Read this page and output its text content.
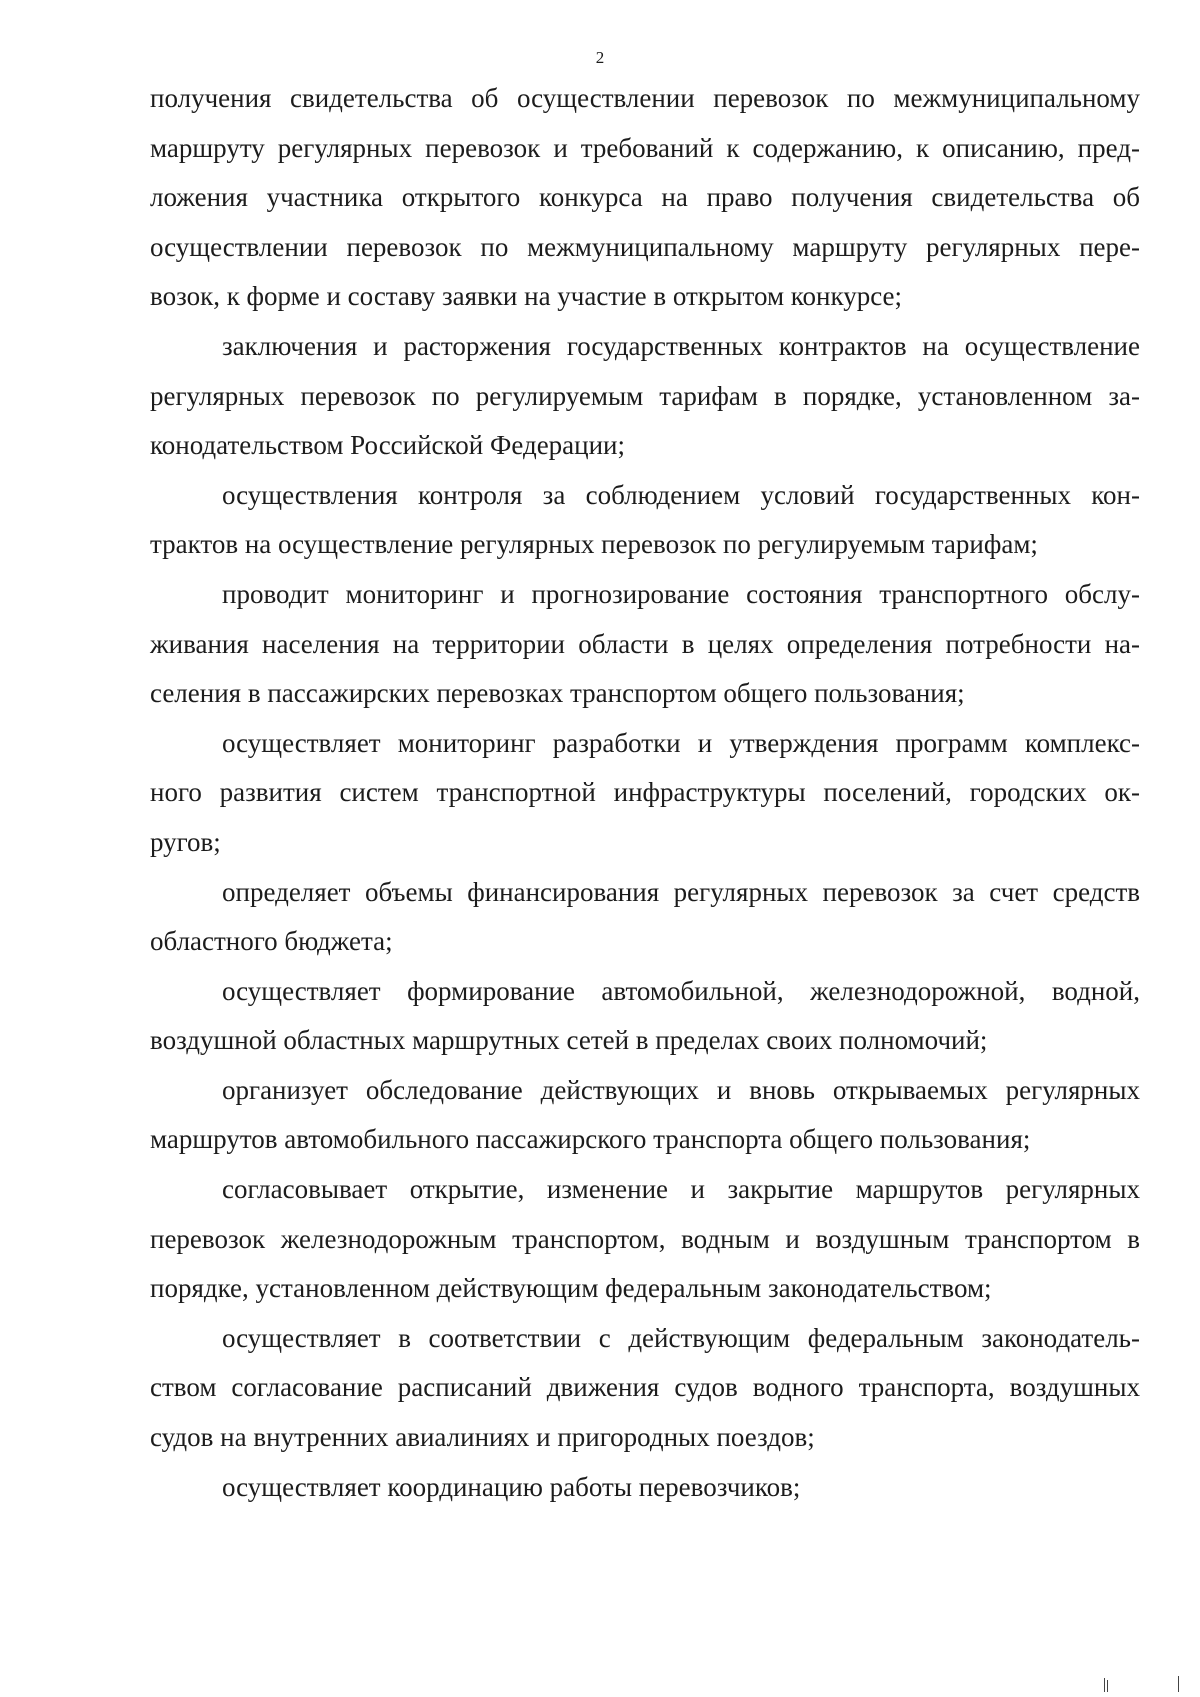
2

получения свидетельства об осуществлении перевозок по межмуниципальному
маршруту регулярных перевозок и требований к содержанию, к описанию, пред-
ложения участника открытого конкурса на право получения свидетельства об
осуществлении перевозок по межмуниципальному маршруту регулярных пере-
возок, к форме и составу заявки на участие в открытом конкурсе;

заключения и расторжения государственных контрактов на осуществление
регулярных перевозок по регулируемым тарифам в порядке, установленном за-
конодательством Российской Федерации;

осуществления контроля за соблюдением условий государственных кон-
трактов на осуществление регулярных перевозок по регулируемым тарифам;

проводит мониторинг и прогнозирование состояния транспортного обслу-
живания населения на территории области в целях определения потребности на-
селения в пассажирских перевозках транспортом общего пользования;

осуществляет мониторинг разработки и утверждения программ комплекс-
ного развития систем транспортной инфраструктуры поселений, городских ок-
ругов;

определяет объемы финансирования регулярных перевозок за счет средств
областного бюджета;

осуществляет формирование автомобильной, железнодорожной, водной,
воздушной областных маршрутных сетей в пределах своих полномочий;

организует обследование действующих и вновь открываемых регулярных
маршрутов автомобильного пассажирского транспорта общего пользования;

согласовывает открытие, изменение и закрытие маршрутов регулярных
перевозок железнодорожным транспортом, водным и воздушным транспортом в
порядке, установленном действующим федеральным законодательством;

осуществляет в соответствии с действующим федеральным законодатель-
ством согласование расписаний движения судов водного транспорта, воздушных
судов на внутренних авиалиниях и пригородных поездов;

осуществляет координацию работы перевозчиков;
